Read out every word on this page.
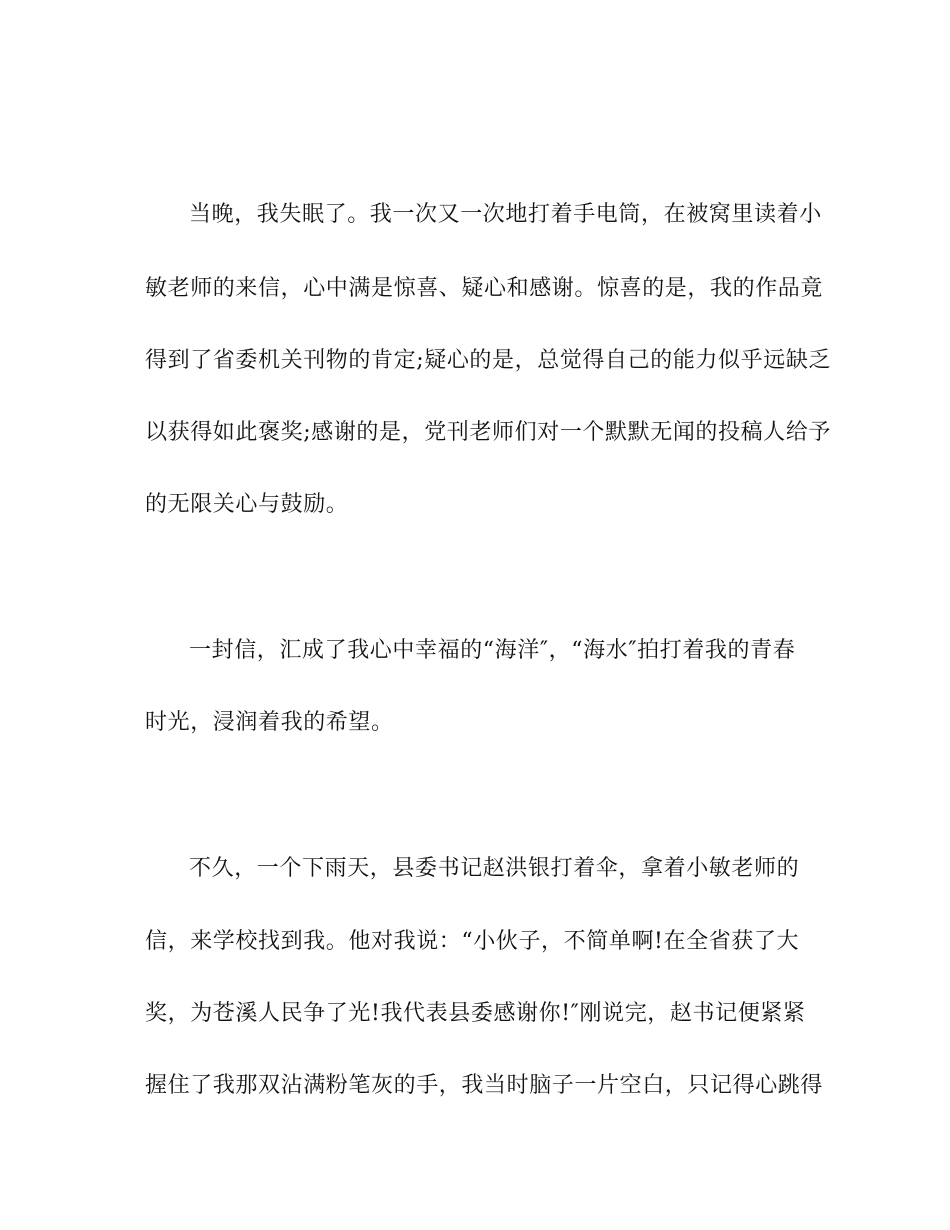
当晚，我失眠了。我一次又一次地打着手电筒，在被窝里读着小
敏老师的来信，心中满是惊喜、疑心和感谢。惊喜的是，我的作品竟
得到了省委机关刊物的肯定;疑心的是，总觉得自己的能力似乎远缺乏
以获得如此褒奖;感谢的是，党刊老师们对一个默默无闻的投稿人给予
的无限关心与鼓励。
一封信，汇成了我心中幸福的“海洋″，“海水″拍打着我的青春
时光，浸润着我的希望。
不久，一个下雨天，县委书记赵洪银打着伞，拿着小敏老师的
信，来学校找到我。他对我说：“小伙子，不简单啊!在全省获了大
奖，为苍溪人民争了光!我代表县委感谢你!″刚说完，赵书记便紧紧
握住了我那双沾满粉笔灰的手，我当时脑子一片空白，只记得心跳得
